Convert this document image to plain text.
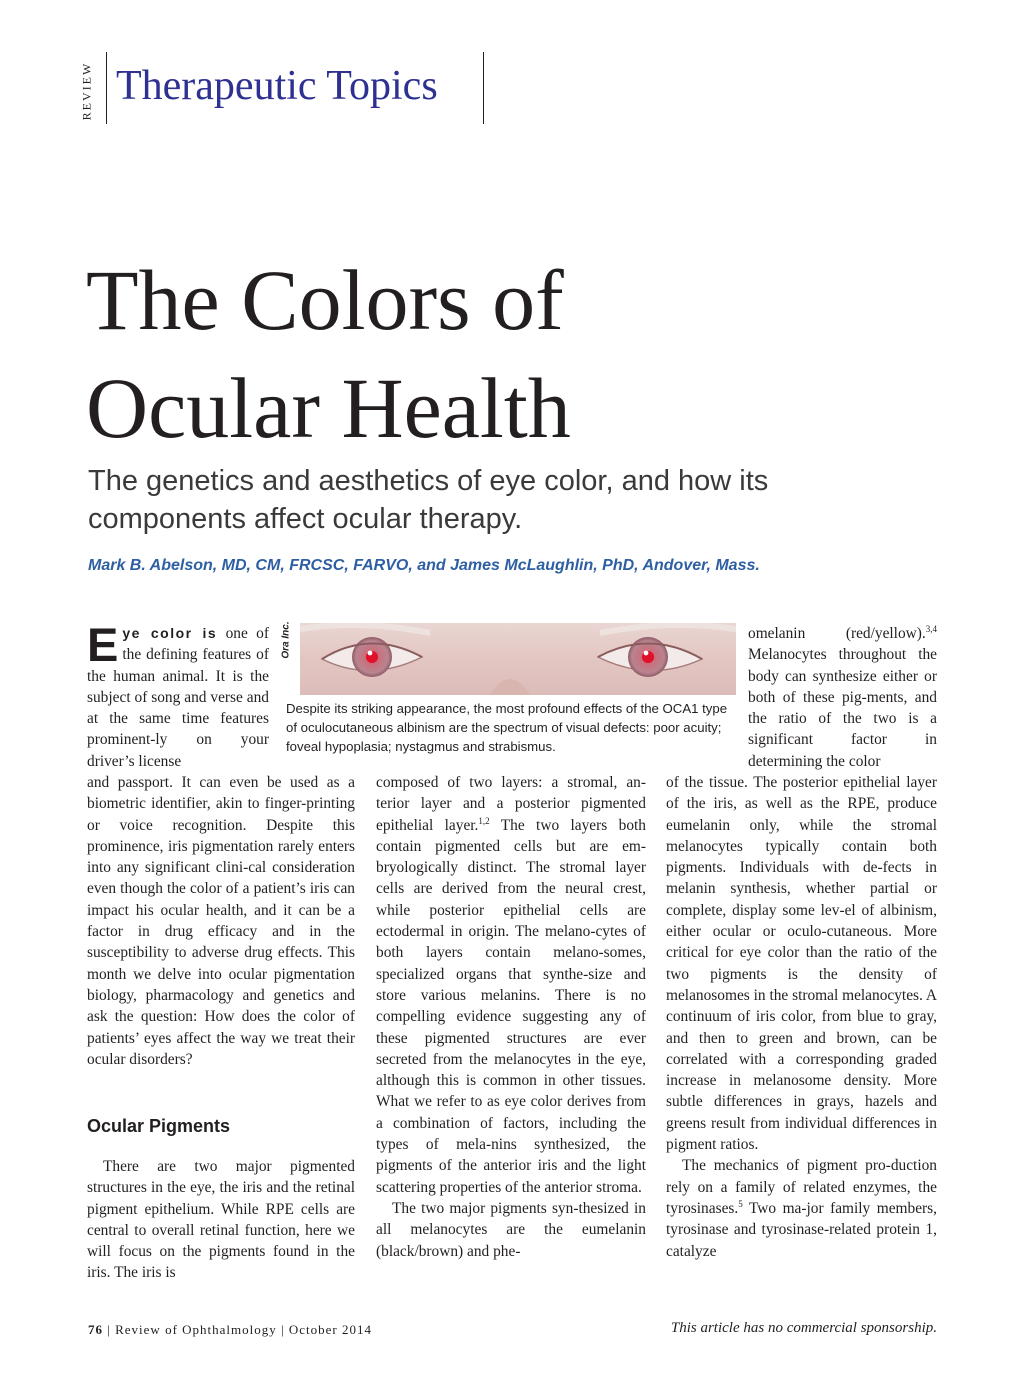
REVIEW Therapeutic Topics
The Colors of
Ocular Health
The genetics and aesthetics of eye color, and how its components affect ocular therapy.
Mark B. Abelson, MD, CM, FRCSC, FARVO, and James McLaughlin, PhD, Andover, Mass.

Eye color is one of the defining features of the human animal. It is the subject of song and verse and at the same time features prominent-ly on your driver’s license

and passport. It can even be used as a biometric identifier, akin to finger-printing or voice recognition. Despite this prominence, iris pigmentation rarely enters into any significant clini-cal consideration even though the color of a patient’s iris can impact his ocular health, and it can be a factor in drug efficacy and in the susceptibility to adverse drug effects. This month we delve into ocular pigmentation biology, pharmacology and genetics and ask the question: How does the color of patients’ eyes affect the way we treat their ocular disorders?

Ocular Pigments

There are two major pigmented structures in the eye, the iris and the retinal pigment epithelium. While RPE cells are central to overall retinal function, here we will focus on the pigments found in the iris. The iris is

Ora Inc.
Despite its striking appearance, the most profound effects of the OCA1 type of oculocutaneous albinism are the spectrum of visual defects: poor acuity; foveal hypoplasia; nystagmus and strabismus.

composed of two layers: a stromal, an-terior layer and a posterior pigmented epithelial layer.$^{1,2}$ The two layers both contain pigmented cells but are em-bryologically distinct. The stromal layer cells are derived from the neural crest, while posterior epithelial cells are ectodermal in origin. The melano-cytes of both layers contain melano-somes, specialized organs that synthe-size and store various melanins. There is no compelling evidence suggesting any of these pigmented structures are ever secreted from the melanocytes in the eye, although this is common in other tissues. What we refer to as eye color derives from a combination of factors, including the types of mela-nins synthesized, the pigments of the anterior iris and the light scattering properties of the anterior stroma.

The two major pigments syn-thesized in all melanocytes are the eumelanin (black/brown) and phe-

omelanin (red/yellow).$^{3,4}$ Melanocytes throughout the body can synthesize either or both of these pig-ments, and the ratio of the two is a significant factor in determining the color

of the tissue. The posterior epithelial layer of the iris, as well as the RPE, produce eumelanin only, while the stromal melanocytes typically contain both pigments. Individuals with de-fects in melanin synthesis, whether partial or complete, display some lev-el of albinism, either ocular or oculo-cutaneous. More critical for eye color than the ratio of the two pigments is the density of melanosomes in the stromal melanocytes. A continuum of iris color, from blue to gray, and then to green and brown, can be correlated with a corresponding graded increase in melanosome density. More subtle differences in grays, hazels and greens result from individual differences in pigment ratios.

The mechanics of pigment pro-duction rely on a family of related enzymes, the tyrosinases.$^5$ Two ma-jor family members, tyrosinase and tyrosinase-related protein 1, catalyze

76 | Review of Ophthalmology | October 2014	This article has no commercial sponsorship.
